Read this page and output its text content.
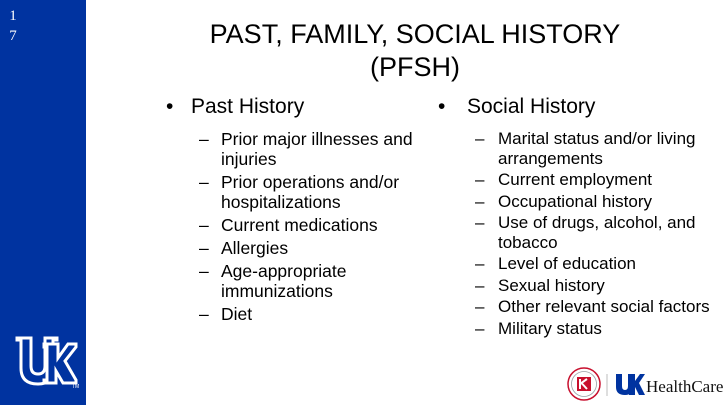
1
7
TM
PAST, FAMILY, SOCIAL HISTORY
(PFSH)
• Past History
– Prior major illnesses and injuries
– Prior operations and/or hospitalizations
– Current medications
– Allergies
– Age-appropriate immunizations
– Diet
• Social History
– Marital status and/or living arrangements
– Current employment
– Occupational history
– Use of drugs, alcohol, and tobacco
– Level of education
– Sexual history
– Other relevant social factors
– Military status
HealthCare
